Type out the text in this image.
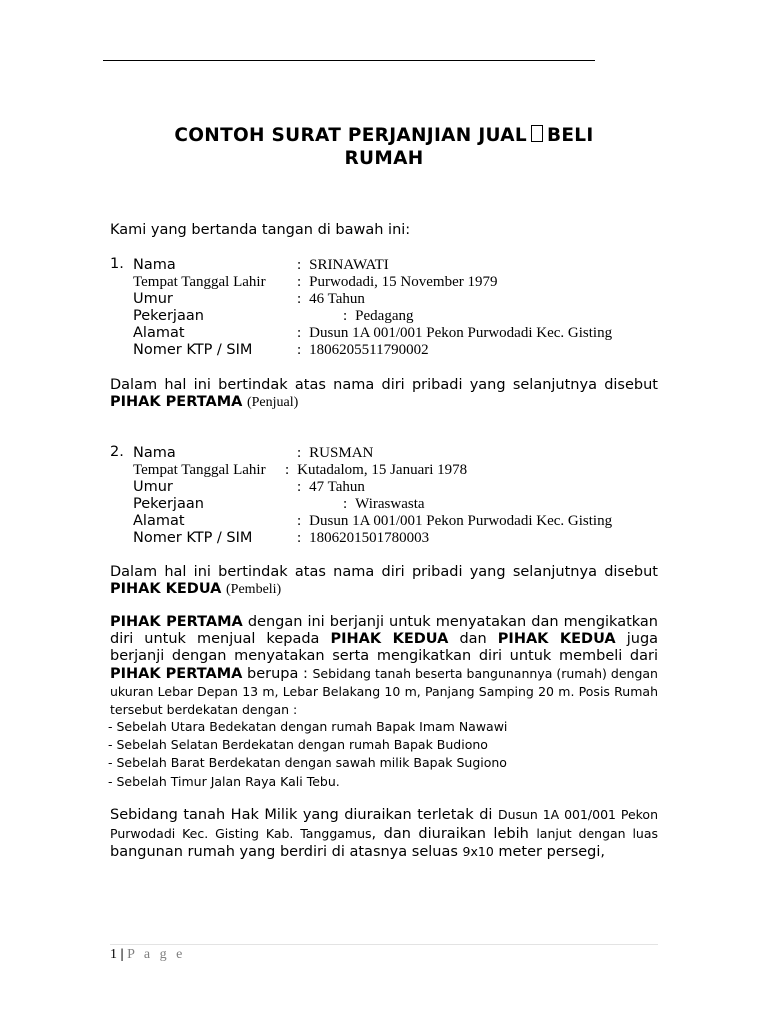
CONTOH SURAT PERJANJIAN JUAL BELI
RUMAH
Kami yang bertanda tangan di bawah ini:
1. Nama	: SRINAWATI
Tempat Tanggal Lahir : Purwodadi, 15 November 1979
Umur	: 46 Tahun
Pekerjaan	: Pedagang
Alamat	: Dusun 1A 001/001 Pekon Purwodadi Kec. Gisting
Nomer KTP / SIM	: 1806205511790002
Dalam hal ini bertindak atas nama diri pribadi yang selanjutnya disebut PIHAK PERTAMA (Penjual)
2. Nama	: RUSMAN
Tempat Tanggal Lahir : Kutadalom, 15 Januari 1978
Umur	: 47 Tahun
Pekerjaan	: Wiraswasta
Alamat	: Dusun 1A 001/001 Pekon Purwodadi Kec. Gisting
Nomer KTP / SIM	: 1806201501780003
Dalam hal ini bertindak atas nama diri pribadi yang selanjutnya disebut PIHAK KEDUA (Pembeli)
PIHAK PERTAMA dengan ini berjanji untuk menyatakan dan mengikatkan diri untuk menjual kepada PIHAK KEDUA dan PIHAK KEDUA juga berjanji dengan menyatakan serta mengikatkan diri untuk membeli dari PIHAK PERTAMA berupa : Sebidang tanah beserta bangunannya (rumah) dengan ukuran Lebar Depan 13 m, Lebar Belakang 10 m, Panjang Samping 20 m. Posis Rumah tersebut berdekatan dengan :
- Sebelah Utara Bedekatan dengan rumah Bapak Imam Nawawi
- Sebelah Selatan Berdekatan dengan rumah Bapak Budiono
- Sebelah Barat Berdekatan dengan sawah milik Bapak Sugiono
- Sebelah Timur Jalan Raya Kali Tebu.
Sebidang tanah Hak Milik yang diuraikan terletak di Dusun 1A 001/001 Pekon Purwodadi Kec. Gisting Kab. Tanggamus, dan diuraikan lebih lanjut dengan luas bangunan rumah yang berdiri di atasnya seluas 9x10 meter persegi,
1 | P a g e
